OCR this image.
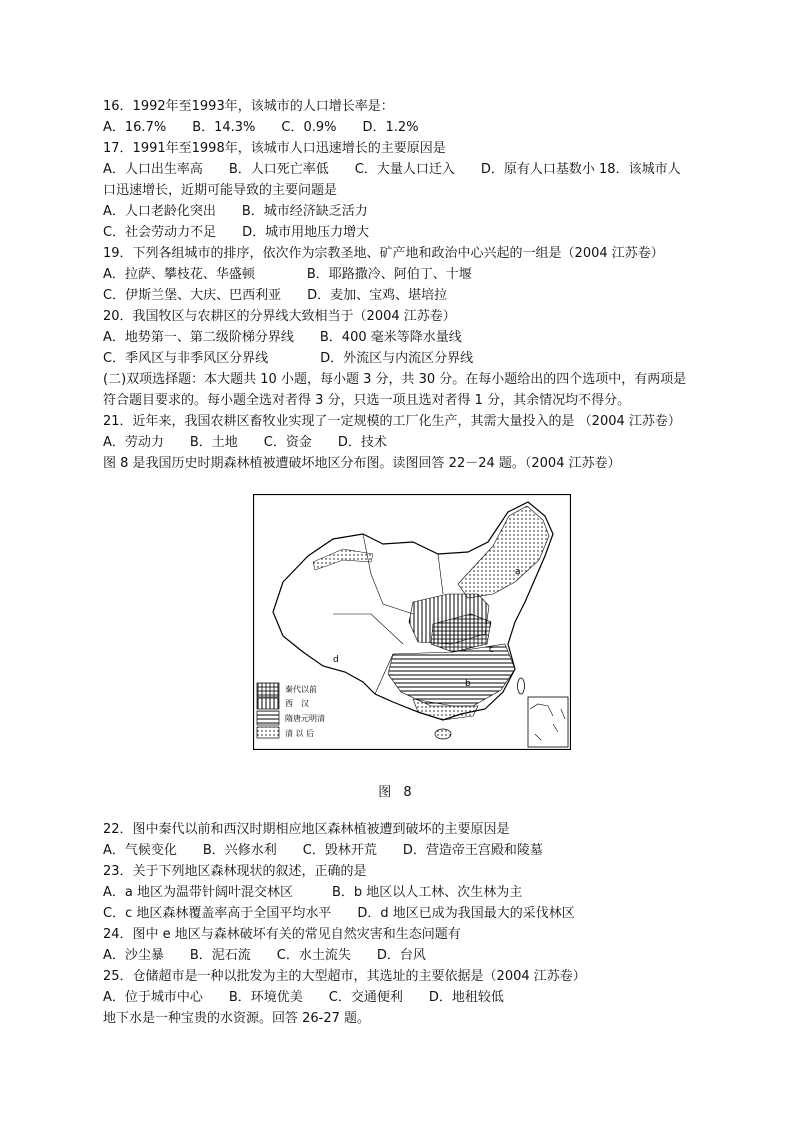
16．1992年至1993年，该城市的人口增长率是：
A．16.7%　　B．14.3%　　C．0.9%　　D．1.2%
17．1991年至1998年，该城市人口迅速增长的主要原因是
A．人口出生率高　　B．人口死亡率低　　C．大量人口迁入　　D．原有人口基数小 18．该城市人
口迅速增长，近期可能导致的主要问题是
A．人口老龄化突出　　B．城市经济缺乏活力
C．社会劳动力不足　　D．城市用地压力增大
19．下列各组城市的排序，依次作为宗教圣地、矿产地和政治中心兴起的一组是（2004 江苏卷）
A．拉萨、攀枝花、华盛顿　　　　B．耶路撒冷、阿伯丁、十堰
C．伊斯兰堡、大庆、巴西利亚　　D．麦加、宝鸡、堪培拉
20．我国牧区与农耕区的分界线大致相当于（2004 江苏卷）
A．地势第一、第二级阶梯分界线　　B．400 毫米等降水量线
C．季风区与非季风区分界线　　　　D．外流区与内流区分界线
(二)双项选择题：本大题共 10 小题，每小题 3 分，共 30 分。在每小题给出的四个选项中，有两项是
符合题目要求的。每小题全选对者得 3 分，只选一项且选对者得 1 分，其余情况均不得分。
21．近年来，我国农耕区畜牧业实现了一定规模的工厂化生产，其需大量投入的是 （2004 江苏卷）
A．劳动力　　B．土地　　C．资金　　D．技术
图 8 是我国历史时期森林植被遭破坏地区分布图。读图回答 22－24 题。（2004 江苏卷）
a
b
c
d
秦代以前
西　汉
隋唐元明清
清 以 后
图 8
22．图中秦代以前和西汉时期相应地区森林植被遭到破坏的主要原因是
A．气候变化　　B．兴修水利　　C．毁林开荒　　D．营造帝王宫殿和陵墓
23．关于下列地区森林现状的叙述，正确的是
A．a 地区为温带针阔叶混交林区　　　B．b 地区以人工林、次生林为主
C．c 地区森林覆盖率高于全国平均水平　　D．d 地区已成为我国最大的采伐林区
24．图中 e 地区与森林破坏有关的常见自然灾害和生态问题有
A．沙尘暴　　B．泥石流　　C．水土流失　　D．台风
25．仓储超市是一种以批发为主的大型超市，其选址的主要依据是（2004 江苏卷）
A．位于城市中心　　B．环境优美　　C．交通便利　　D．地租较低
地下水是一种宝贵的水资源。回答 26-27 题。
